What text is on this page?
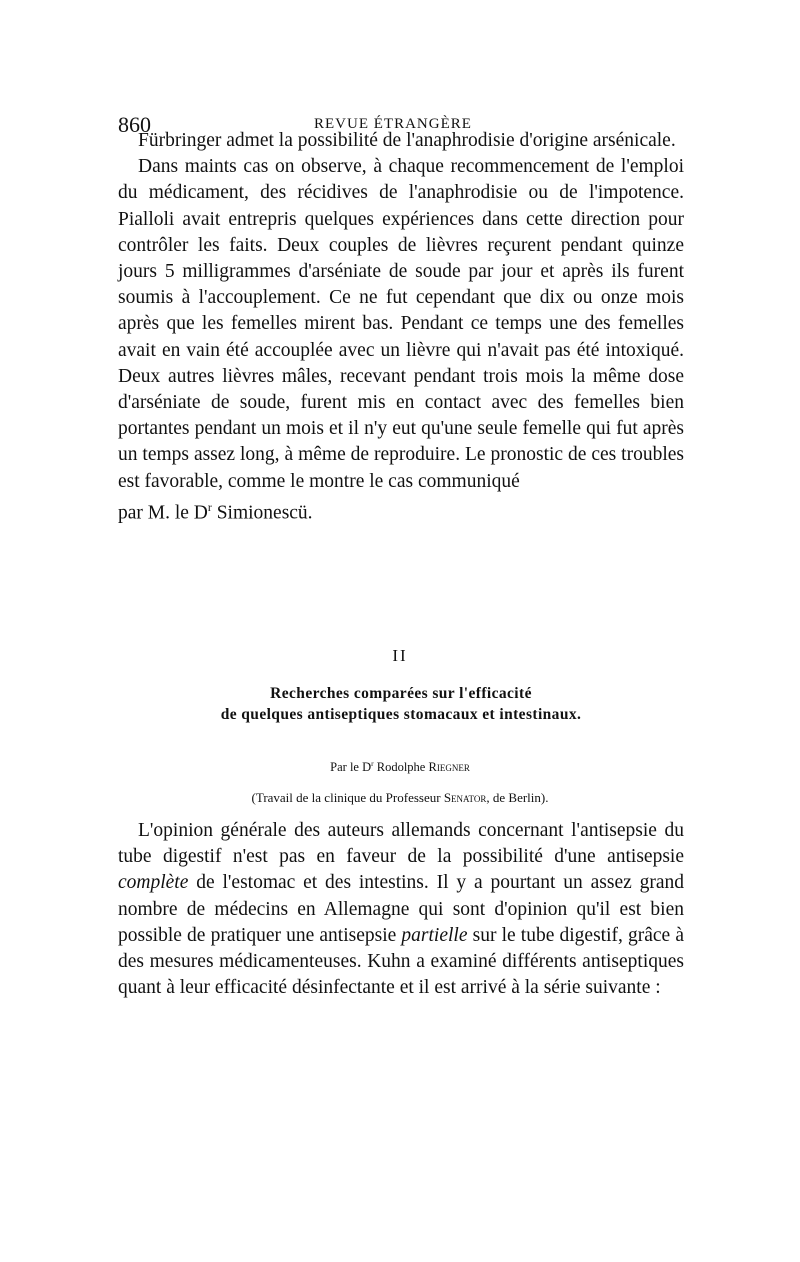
860	REVUE ÉTRANGÈRE

Fürbringer admet la possibilité de l'anaphrodisie d'origine arsénicale.

Dans maints cas on observe, à chaque recommencement de l'emploi du médicament, des récidives de l'anaphrodisie ou de l'impotence. Pialloli avait entrepris quelques expériences dans cette direction pour contrôler les faits. Deux couples de lièvres reçurent pendant quinze jours 5 milligrammes d'arséniate de soude par jour et après ils furent soumis à l'accouplement. Ce ne fut cependant que dix ou onze mois après que les femelles mirent bas. Pendant ce temps une des femelles avait en vain été accouplée avec un lièvre qui n'avait pas été intoxiqué. Deux autres lièvres mâles, recevant pendant trois mois la même dose d'arséniate de soude, furent mis en contact avec des femelles bien portantes pendant un mois et il n'y eut qu'une seule femelle qui fut après un temps assez long, à même de reproduire. Le pronostic de ces troubles est favorable, comme le montre le cas communiqué

par M. le $D^r$ Simionescü.
II
Recherches comparées sur l'efficacité
de quelques antiseptiques stomacaux et intestinaux.
Par le $D^r$ Rodolphe Riegner
(Travail de la clinique du Professeur Senator, de Berlin).

L'opinion générale des auteurs allemands concernant l'antisepsie du tube digestif n'est pas en faveur de la possibilité d'une antisepsie complète de l'estomac et des intestins. Il y a pourtant un assez grand nombre de médecins en Allemagne qui sont d'opinion qu'il est bien possible de pratiquer une antisepsie partielle sur le tube digestif, grâce à des mesures médicamenteuses. Kuhn a examiné différents antiseptiques quant à leur efficacité désinfectante et il est arrivé à la série suivante :
